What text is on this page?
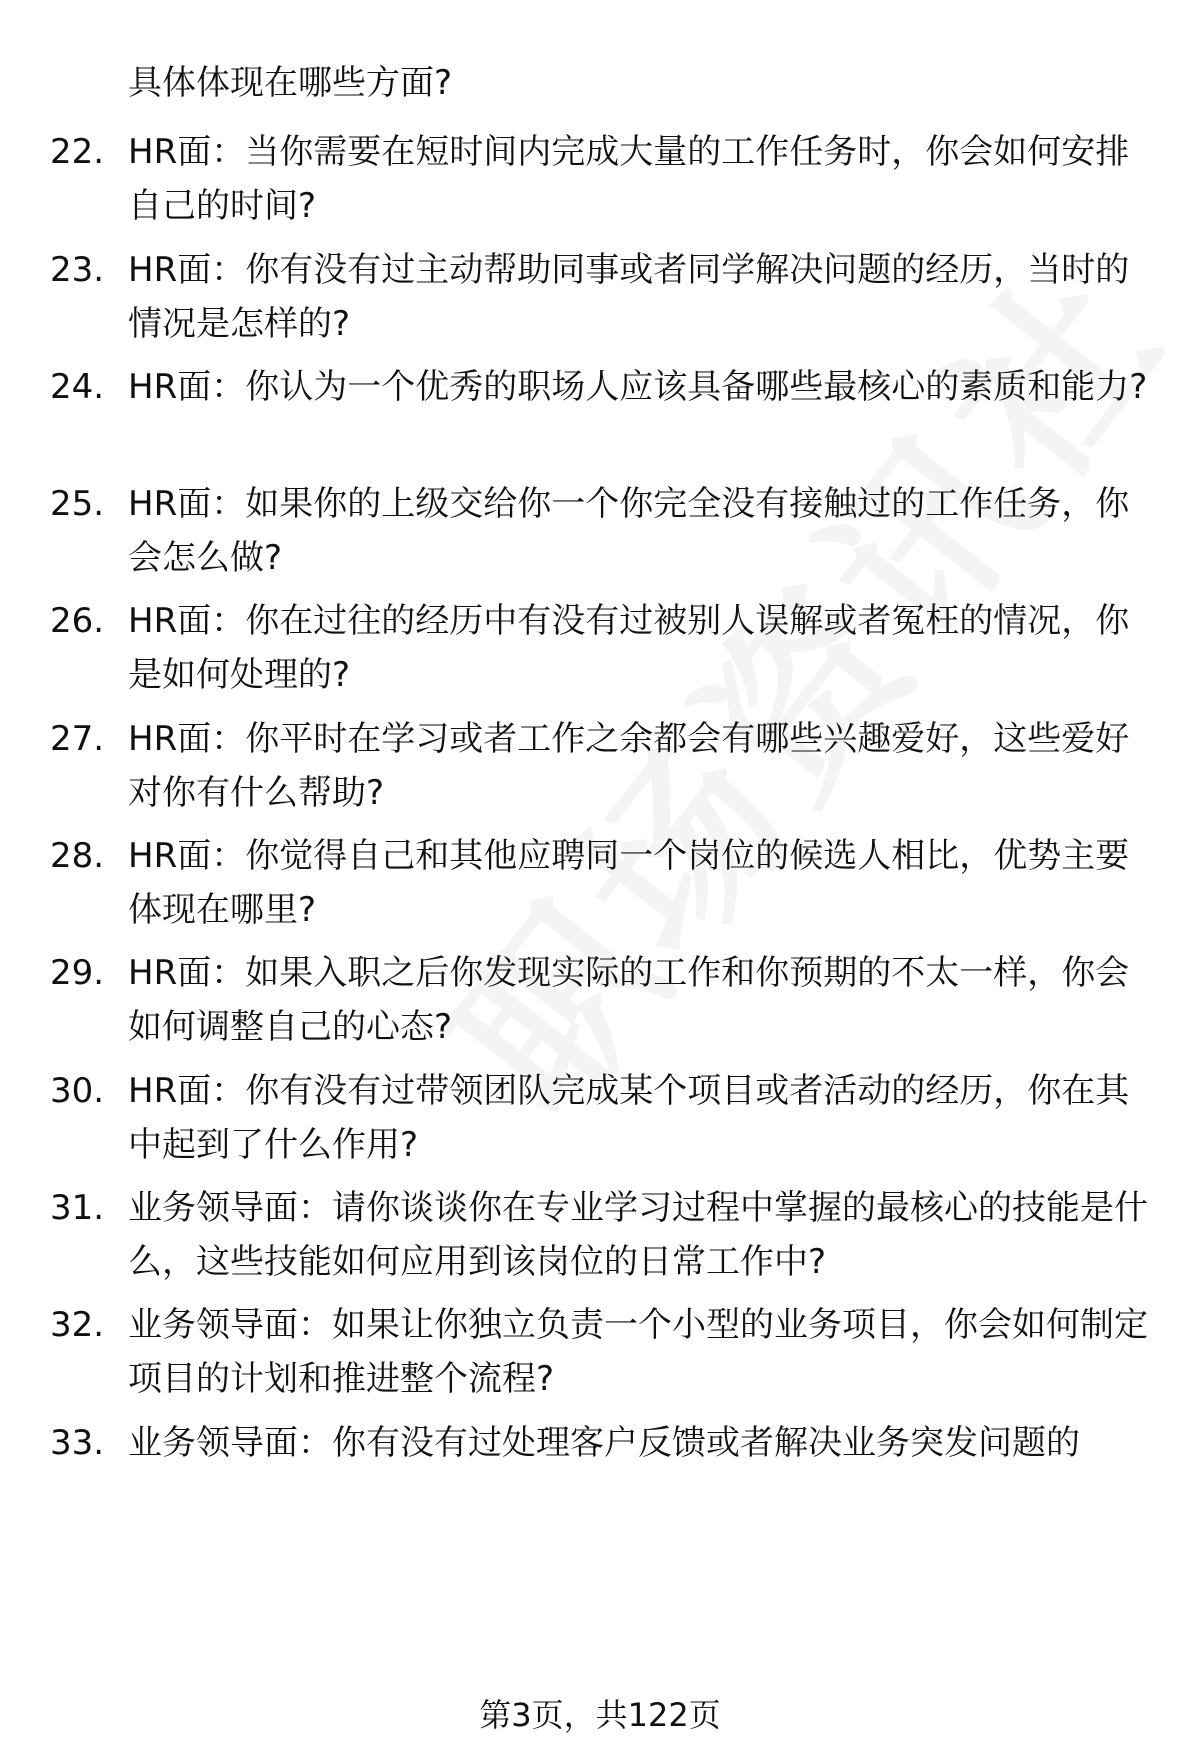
具体体现在哪些方面?

22. HR面：当你需要在短时间内完成大量的工作任务时，你会如何安排自己的时间?

23. HR面：你有没有过主动帮助同事或者同学解决问题的经历，当时的情况是怎样的?

24. HR面：你认为一个优秀的职场人应该具备哪些最核心的素质和能力?

25. HR面：如果你的上级交给你一个你完全没有接触过的工作任务，你会怎么做?

26. HR面：你在过往的经历中有没有过被别人误解或者冤枉的情况，你是如何处理的?

27. HR面：你平时在学习或者工作之余都会有哪些兴趣爱好，这些爱好对你有什么帮助?

28. HR面：你觉得自己和其他应聘同一个岗位的候选人相比，优势主要体现在哪里?

29. HR面：如果入职之后你发现实际的工作和你预期的不太一样，你会如何调整自己的心态?

30. HR面：你有没有过带领团队完成某个项目或者活动的经历，你在其中起到了什么作用?

31. 业务领导面：请你谈谈你在专业学习过程中掌握的最核心的技能是什么，这些技能如何应用到该岗位的日常工作中?

32. 业务领导面：如果让你独立负责一个小型的业务项目，你会如何制定项目的计划和推进整个流程?

33. 业务领导面：你有没有过处理客户反馈或者解决业务突发问题的

第3页，共122页
